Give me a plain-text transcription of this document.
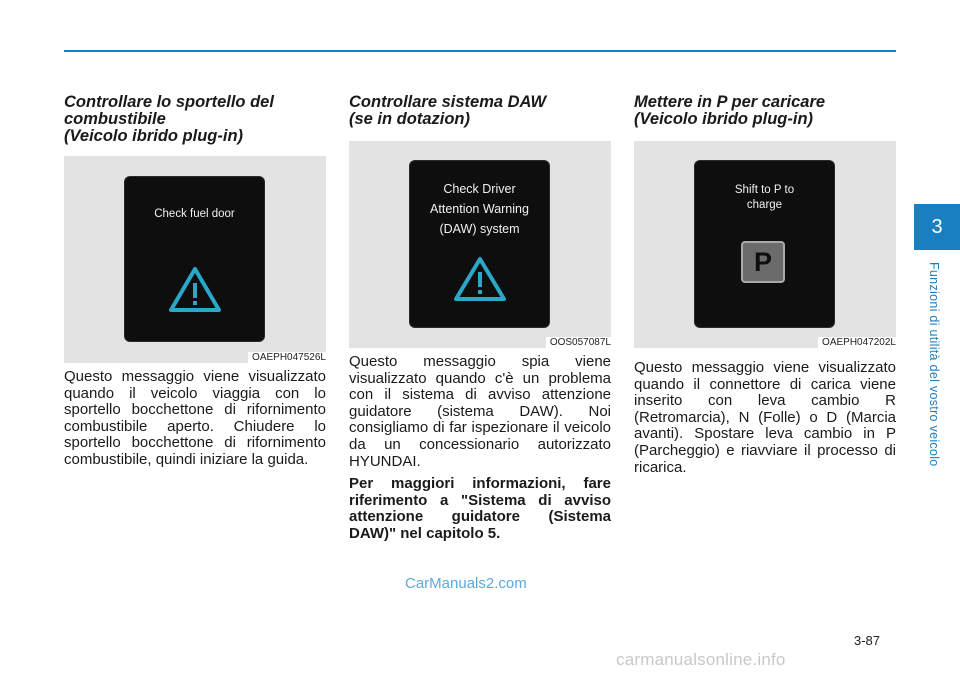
Controllare lo sportello del
combustibile
(Veicolo ibrido plug-in)
Check fuel door
OAEPH047526L

Questo messaggio viene visualizzato quando il veicolo viaggia con lo sportello bocchettone di rifornimento combustibile aperto. Chiudere lo sportello bocchettone di rifornimento combustibile, quindi iniziare la guida.

Controllare sistema DAW
(se in dotazion)
Check Driver
Attention Warning
(DAW) system
OOS057087L

Questo messaggio spia viene visualizzato quando c'è un problema con il sistema di avviso attenzione guidatore (sistema DAW). Noi consigliamo di far ispezionare il veicolo da un concessionario autorizzato HYUNDAI.

Per maggiori informazioni, fare riferimento a "Sistema di avviso attenzione guidatore (Sistema DAW)" nel capitolo 5.

Mettere in P per caricare
(Veicolo ibrido plug-in)
Shift to P to
charge
P
OAEPH047202L

Questo messaggio viene visualizzato quando il connettore di carica viene inserito con leva cambio R (Retromarcia), N (Folle) o D (Marcia avanti). Spostare leva cambio in P (Parcheggio) e riavviare il processo di ricarica.

3
Funzioni di utilità del vostro veicolo
3-87
CarManuals2.com
carmanualsonline.info
